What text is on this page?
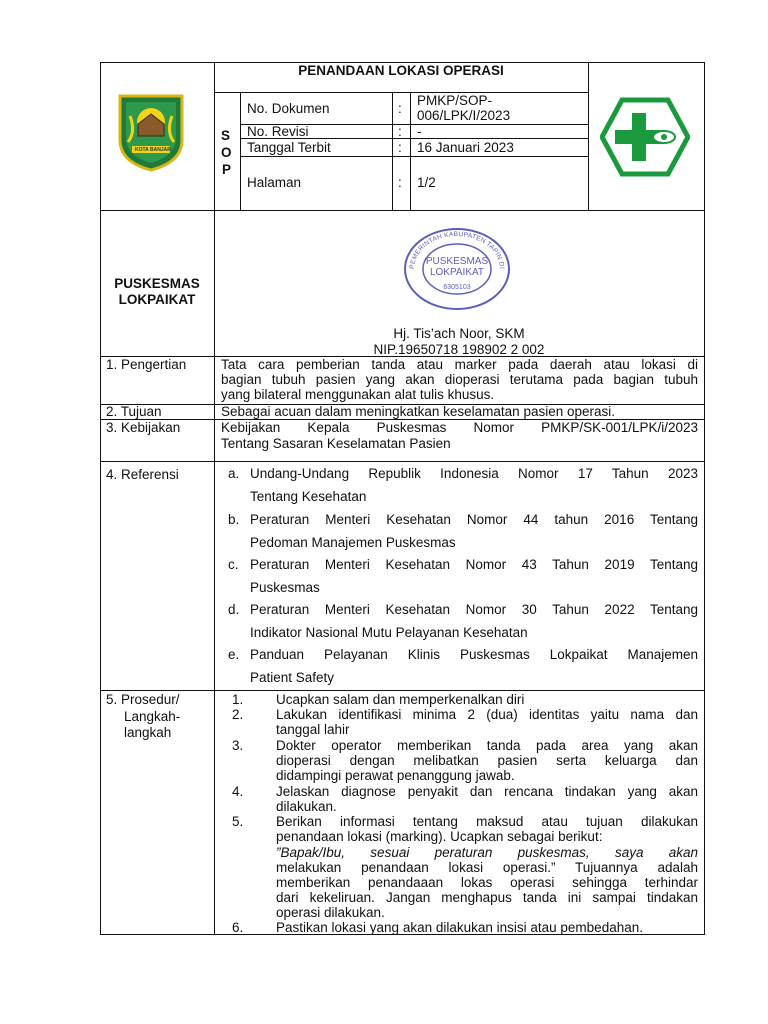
KOTA BANJAR
PENANDAAN LOKASI OPERASI
S
O
P
No. Dokumen	:
PMKP/SOP-
006/LPK/I/2023
No. Revisi	: -
Tanggal Terbit	: 16 Januari 2023
Halaman	: 1/2
PUSKESMAS
LOKPAIKAT
PEMERINTAH KABUPATEN TAPIN DI
PUSKESMAS
LOKPAIKAT
6305103
Hj. Tis’ach Noor, SKM
NIP.19650718 198902 2 002
1. Pengertian	Tata cara pemberian tanda atau marker pada daerah atau lokasi di
bagian tubuh pasien yang akan dioperasi terutama pada bagian tubuh
yang bilateral menggunakan alat tulis khusus.
2. Tujuan	Sebagai acuan dalam meningkatkan keselamatan pasien operasi.
3. Kebijakan	Kebijakan Kepala Puskesmas Nomor PMKP/SK-001/LPK/i/2023
Tentang Sasaran Keselamatan Pasien
4. Referensi	a. Undang-Undang Republik Indonesia Nomor 17 Tahun 2023
Tentang Kesehatan
b. Peraturan Menteri Kesehatan Nomor 44 tahun 2016 Tentang
Pedoman Manajemen Puskesmas
c. Peraturan Menteri Kesehatan Nomor 43 Tahun 2019 Tentang
Puskesmas
d. Peraturan Menteri Kesehatan Nomor 30 Tahun 2022 Tentang
Indikator Nasional Mutu Pelayanan Kesehatan
e. Panduan Pelayanan Klinis Puskesmas Lokpaikat Manajemen
Patient Safety
5. Prosedur/
Langkah-
langkah
1. Ucapkan salam dan memperkenalkan diri
2. Lakukan identifikasi minima 2 (dua) identitas yaitu nama dan
tanggal lahir
3. Dokter operator memberikan tanda pada area yang akan
dioperasi dengan melibatkan pasien serta keluarga dan
didampingi perawat penanggung jawab.
4. Jelaskan diagnose penyakit dan rencana tindakan yang akan
dilakukan.
5. Berikan informasi tentang maksud atau tujuan dilakukan
penandaan lokasi (marking). Ucapkan sebagai berikut:
”Bapak/Ibu, sesuai peraturan puskesmas, saya akan
melakukan penandaan lokasi operasi.” Tujuannya adalah
memberikan penandaaan lokas operasi sehingga terhindar
dari kekeliruan. Jangan menghapus tanda ini sampai tindakan
operasi dilakukan.
6. Pastikan lokasi yang akan dilakukan insisi atau pembedahan.
